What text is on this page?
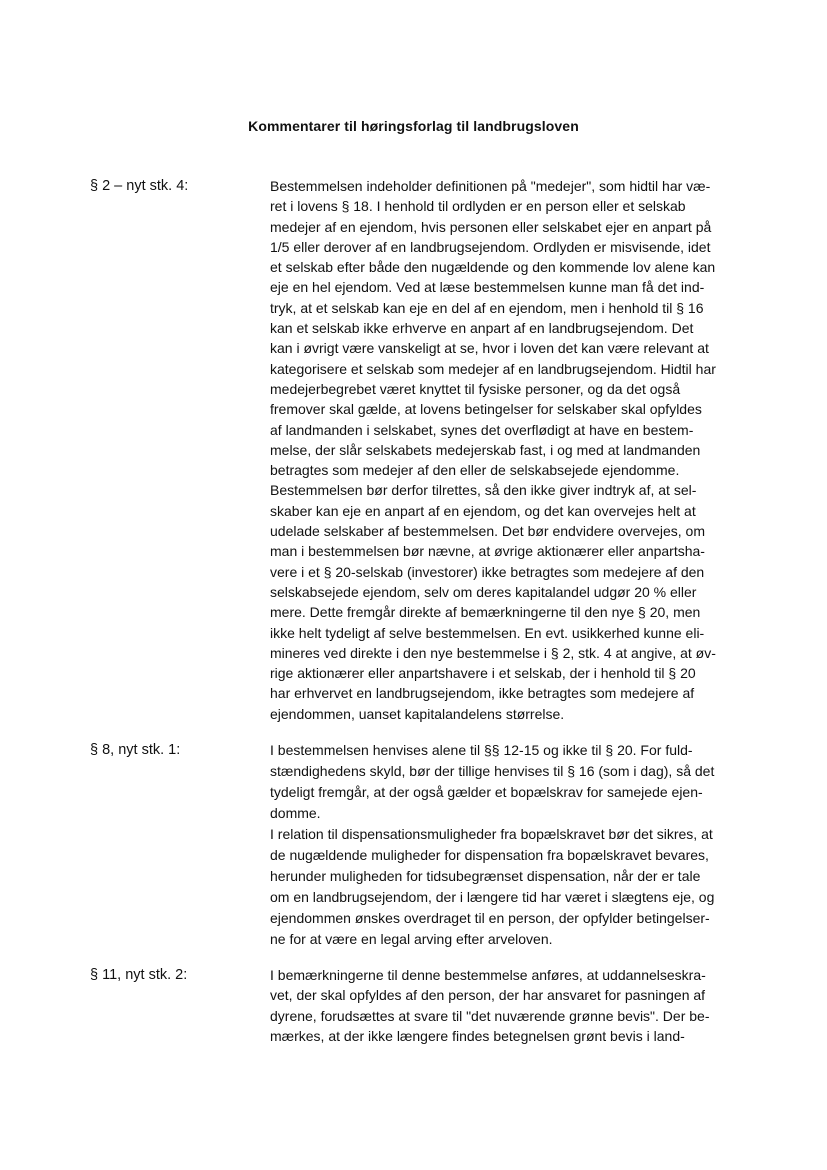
Kommentarer til høringsforlag til landbrugsloven
§ 2 – nyt stk. 4:	Bestemmelsen indeholder definitionen på "medejer", som hidtil har væ-
ret i lovens § 18. I henhold til ordlyden er en person eller et selskab
medejer af en ejendom, hvis personen eller selskabet ejer en anpart på
1/5 eller derover af en landbrugsejendom. Ordlyden er misvisende, idet
et selskab efter både den nugældende og den kommende lov alene kan
eje en hel ejendom. Ved at læse bestemmelsen kunne man få det ind-
tryk, at et selskab kan eje en del af en ejendom, men i henhold til § 16
kan et selskab ikke erhverve en anpart af en landbrugsejendom. Det
kan i øvrigt være vanskeligt at se, hvor i loven det kan være relevant at
kategorisere et selskab som medejer af en landbrugsejendom. Hidtil har
medejerbegrebet været knyttet til fysiske personer, og da det også
fremover skal gælde, at lovens betingelser for selskaber skal opfyldes
af landmanden i selskabet, synes det overflødigt at have en bestem-
melse, der slår selskabets medejerskab fast, i og med at landmanden
betragtes som medejer af den eller de selskabsejede ejendomme.
Bestemmelsen bør derfor tilrettes, så den ikke giver indtryk af, at sel-
skaber kan eje en anpart af en ejendom, og det kan overvejes helt at
udelade selskaber af bestemmelsen. Det bør endvidere overvejes, om
man i bestemmelsen bør nævne, at øvrige aktionærer eller anpartsha-
vere i et § 20-selskab (investorer) ikke betragtes som medejere af den
selskabsejede ejendom, selv om deres kapitalandel udgør 20 % eller
mere. Dette fremgår direkte af bemærkningerne til den nye § 20, men
ikke helt tydeligt af selve bestemmelsen. En evt. usikkerhed kunne eli-
mineres ved direkte i den nye bestemmelse i § 2, stk. 4 at angive, at øv-
rige aktionærer eller anpartshavere i et selskab, der i henhold til § 20
har erhvervet en landbrugsejendom, ikke betragtes som medejere af
ejendommen, uanset kapitalandelens størrelse.
§ 8, nyt stk. 1:	I bestemmelsen henvises alene til §§ 12-15 og ikke til § 20. For fuld-
stændighedens skyld, bør der tillige henvises til § 16 (som i dag), så det
tydeligt fremgår, at der også gælder et bopælskrav for samejede ejen-
domme.
I relation til dispensationsmuligheder fra bopælskravet bør det sikres, at
de nugældende muligheder for dispensation fra bopælskravet bevares,
herunder muligheden for tidsubegrænset dispensation, når der er tale
om en landbrugsejendom, der i længere tid har været i slægtens eje, og
ejendommen ønskes overdraget til en person, der opfylder betingelser-
ne for at være en legal arving efter arveloven.
§ 11, nyt stk. 2:	I bemærkningerne til denne bestemmelse anføres, at uddannelseskra-
vet, der skal opfyldes af den person, der har ansvaret for pasningen af
dyrene, forudsættes at svare til "det nuværende grønne bevis". Der be-
mærkes, at der ikke længere findes betegnelsen grønt bevis i land-
